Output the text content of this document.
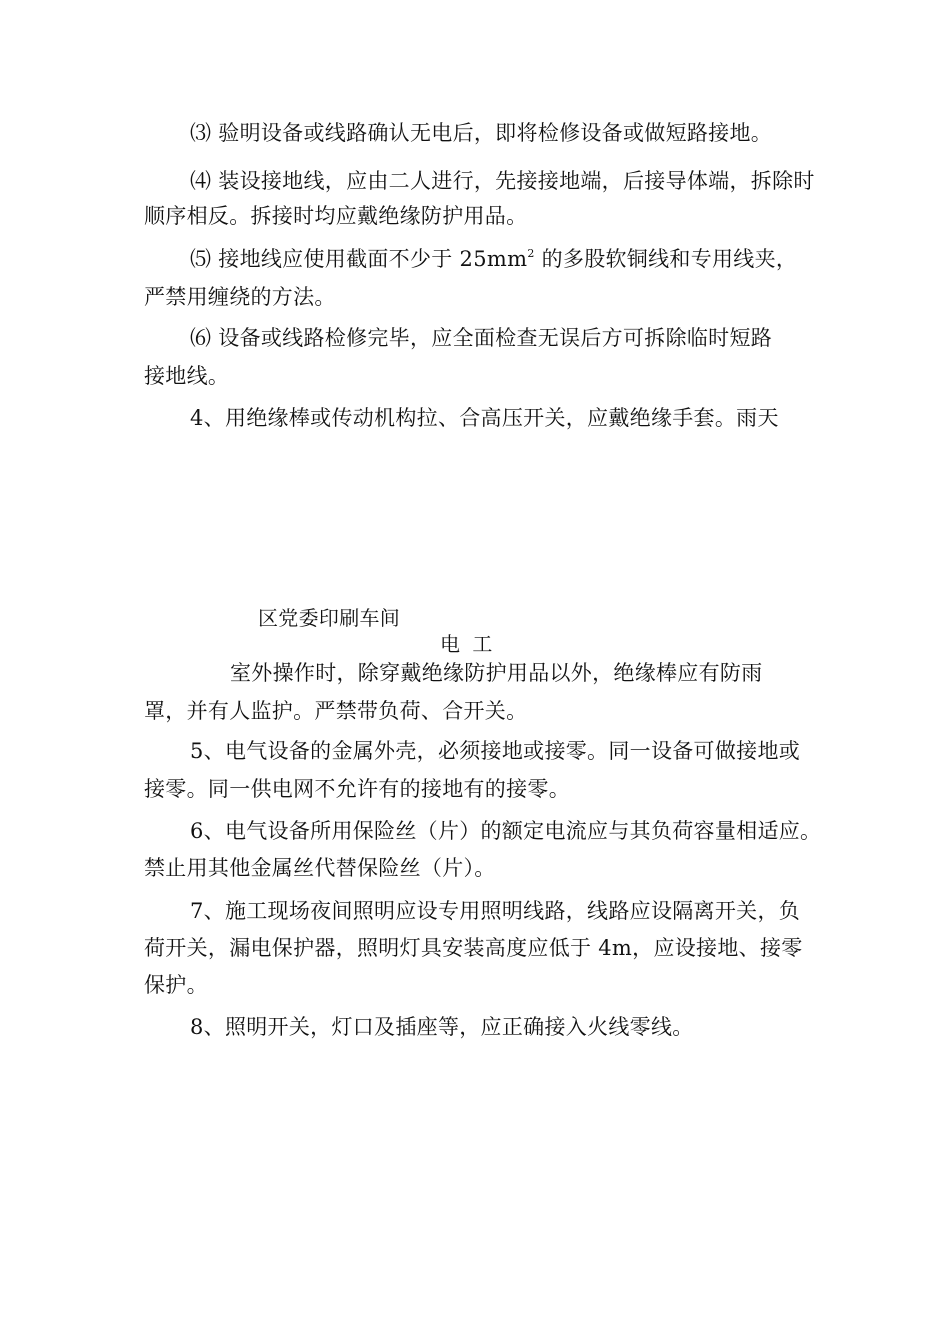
⑶ 验明设备或线路确认无电后，即将检修设备或做短路接地。
⑷ 装设接地线，应由二人进行，先接接地端，后接导体端，拆除时
顺序相反。拆接时均应戴绝缘防护用品。
⑸ 接地线应使用截面不少于 $25mm^2$ 的多股软铜线和专用线夹，
严禁用缠绕的方法。
⑹ 设备或线路检修完毕，应全面检查无误后方可拆除临时短路
接地线。
4、用绝缘棒或传动机构拉、合高压开关，应戴绝缘手套。雨天
区党委印刷车间
电 工
室外操作时，除穿戴绝缘防护用品以外，绝缘棒应有防雨
罩，并有人监护。严禁带负荷、合开关。
5、电气设备的金属外壳，必须接地或接零。同一设备可做接地或
接零。同一供电网不允许有的接地有的接零。
6、电气设备所用保险丝（片）的额定电流应与其负荷容量相适应。
禁止用其他金属丝代替保险丝（片）。
7、施工现场夜间照明应设专用照明线路，线路应设隔离开关，负
荷开关，漏电保护器，照明灯具安装高度应低于 4m，应设接地、接零
保护。
8、照明开关，灯口及插座等，应正确接入火线零线。
